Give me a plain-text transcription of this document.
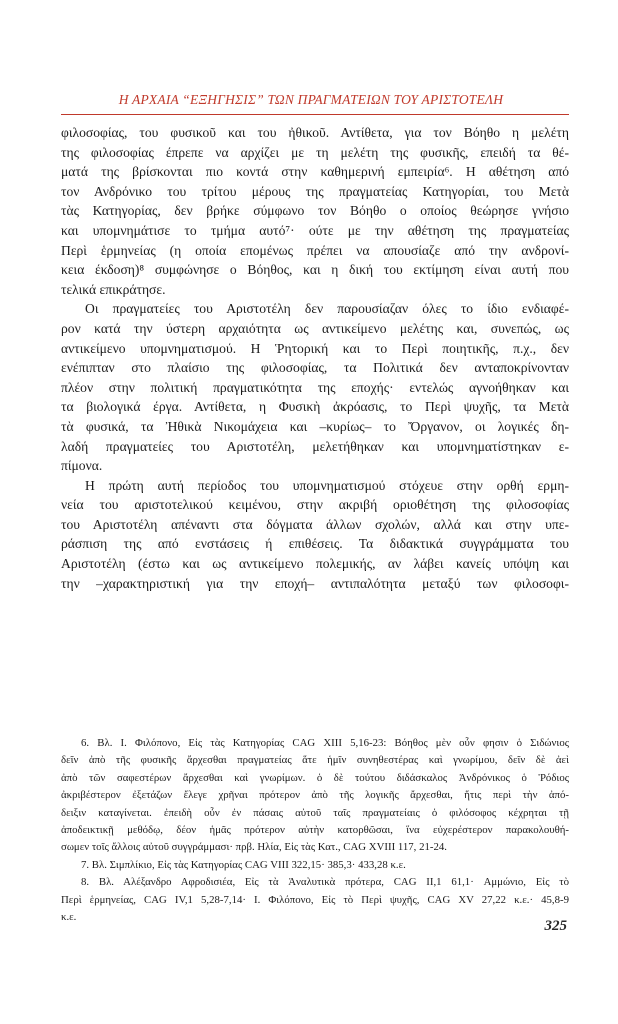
Η ΑΡΧΑΙΑ “ΕΞΗΓΗΣΙΣ” ΤΩΝ ΠΡΑΓΜΑΤΕΙΩΝ ΤΟΥ ΑΡΙΣΤΟΤΕΛΗ
φιλοσοφίας, του φυσικοῦ και του ἠθικοῦ. Αντίθετα, για τον Βόηθο η μελέτη
της φιλοσοφίας έπρεπε να αρχίζει με τη μελέτη της φυσικῆς, επειδή τα θέ-
ματά της βρίσκονται πιο κοντά στην καθημερινή εμπειρία⁶. Η αθέτηση από
τον Ανδρόνικο του τρίτου μέρους της πραγματείας Κατηγορίαι, του Μετὰ
τὰς Κατηγορίας, δεν βρήκε σύμφωνο τον Βόηθο ο οποίος θεώρησε γνήσιο
και υπομνημάτισε το τμήμα αυτό⁷· ούτε με την αθέτηση της πραγματείας
Περὶ ἑρμηνείας (η οποία επομένως πρέπει να απουσίαζε από την ανδρονί-
κεια έκδοση)⁸ συμφώνησε ο Βόηθος, και η δική του εκτίμηση είναι αυτή που
τελικά επικράτησε.
Οι πραγματείες του Αριστοτέλη δεν παρουσίαζαν όλες το ίδιο ενδιαφέ-
ρον κατά την ύστερη αρχαιότητα ως αντικείμενο μελέτης και, συνεπώς, ως
αντικείμενο υπομνηματισμού. Η Ῥητορική και το Περὶ ποιητικῆς, π.χ., δεν
ενέπιπταν στο πλαίσιο της φιλοσοφίας, τα Πολιτικά δεν ανταποκρίνονταν
πλέον στην πολιτική πραγματικότητα της εποχής· εντελώς αγνοήθηκαν και
τα βιολογικά έργα. Αντίθετα, η Φυσικὴ ἀκρόασις, το Περὶ ψυχῆς, τα Μετὰ
τὰ φυσικά, τα Ἠθικὰ Νικομάχεια και –κυρίως– το Ὄργανον, οι λογικές δη-
λαδή πραγματείες του Αριστοτέλη, μελετήθηκαν και υπομνηματίστηκαν ε-
πίμονα.
Η πρώτη αυτή περίοδος του υπομνηματισμού στόχευε στην ορθή ερμη-
νεία του αριστοτελικού κειμένου, στην ακριβή οριοθέτηση της φιλοσοφίας
του Αριστοτέλη απέναντι στα δόγματα άλλων σχολών, αλλά και στην υπε-
ράσπιση της από ενστάσεις ή επιθέσεις. Τα διδακτικά συγγράμματα του
Αριστοτέλη (έστω και ως αντικείμενο πολεμικής, αν λάβει κανείς υπόψη και
την –χαρακτηριστική για την εποχή– αντιπαλότητα μεταξύ των φιλοσοφι-
6. Βλ. Ι. Φιλόπονο, Εἰς τὰς Κατηγορίας CAG XIII 5,16-23: Βόηθος μὲν οὖν φησιν ὁ Σιδώνιος
δεῖν ἀπὸ τῆς φυσικῆς ἄρχεσθαι πραγματείας ἅτε ἡμῖν συνηθεστέρας καὶ γνωρίμου, δεῖν δὲ ἀεὶ
ἀπὸ τῶν σαφεστέρων ἄρχεσθαι καὶ γνωρίμων. ὁ δὲ τούτου διδάσκαλος Ἀνδρόνικος ὁ Ῥόδιος
ἀκριβέστερον ἐξετάζων ἔλεγε χρῆναι πρότερον ἀπὸ τῆς λογικῆς ἄρχεσθαι, ἥτις περὶ τὴν ἀπό-
δειξιν καταγίνεται. ἐπειδὴ οὖν ἐν πάσαις αὐτοῦ ταῖς πραγματείαις ὁ φιλόσοφος κέχρηται τῇ
ἀποδεικτικῇ μεθόδῳ, δέον ἡμᾶς πρότερον αὐτὴν κατορθῶσαι, ἵνα εὐχερέστερον παρακολουθή-
σωμεν τοῖς ἄλλοις αὐτοῦ συγγράμμασι· πρβ. Ηλία, Εἰς τὰς Κατ., CAG XVIII 117, 21-24.
7. Βλ. Σιμπλίκιο, Εἰς τὰς Κατηγορίας CAG VIII 322,15· 385,3· 433,28 κ.ε.
8. Βλ. Αλέξανδρο Αφροδισιέα, Εἰς τὰ Ἀναλυτικὰ πρότερα, CAG II,1 61,1· Αμμώνιο, Εἰς τὸ
Περὶ ἑρμηνείας, CAG IV,1 5,28-7,14· Ι. Φιλόπονο, Εἰς τὸ Περὶ ψυχῆς, CAG XV 27,22 κ.ε.· 45,8-9
κ.ε.
325
